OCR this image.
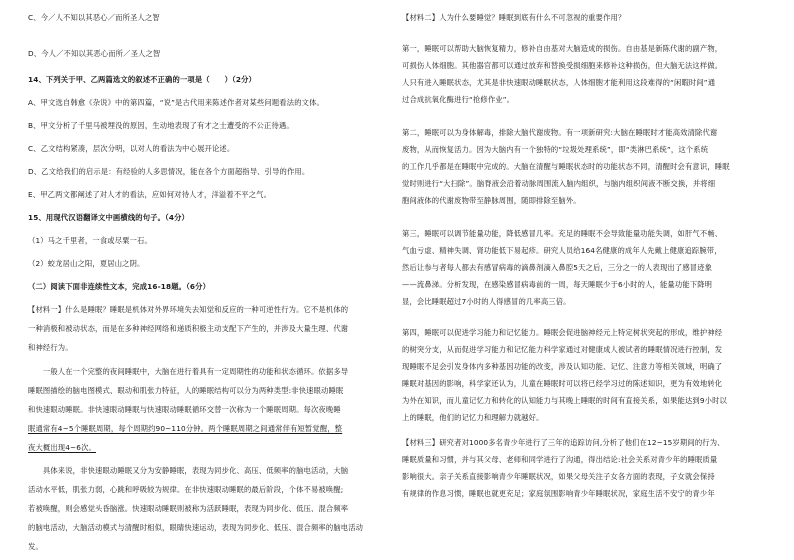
C、今／人不知以其恶心／而所圣人之智
D、今人／不知以其恶心而所／圣人之智
14、下列关于甲、乙两篇选文的叙述不正确的一项是（　　）（2分）
A、甲文选自韩愈《杂说》中的第四篇，“说”是古代用来陈述作者对某些问题看法的文体。
B、甲文分析了千里马被埋没的原因，生动地表现了有才之士遭受的不公正待遇。
C、乙文结构紧凑，层次分明，以对人的看法为中心展开论述。
D、乙文给我们的启示是：有经验的人多思情况，能在各个方面超指导、引导的作用。
E、甲乙两文都阐述了对人才的看法，应如何对待人才，洋溢着不平之气。
15、用现代汉语翻译文中画横线的句子。（4分）
（1）马之千里者，一食或尽粟一石。
（2）蛟龙居山之阳，夏居山之阴。
（二）阅读下面非连续性文本，完成16-18题。（6分）
【材料一】什么是睡眠？睡眠是机体对外界环境失去知觉和反应的一种可逆性行为。它不是机体的
一种消极和被动状态，而是在多种神经网络和递质积极主动支配下产生的，并涉及大量生理、代谢
和神经行为。
　　一般人在一个完整的夜间睡眠中，大脑在进行着具有一定周期性的功能和状态循环。依据多导
睡眠图描绘的脑电图模式、眼动和肌张力特征，人的睡眠结构可以分为两种类型:非快速眼动睡眠
和快速眼动睡眠。非快速眼动睡眠与快速眼动睡眠循环交替一次称为一个睡眠周期。每次夜晚睡
眠通常有4~5个睡眠周期，每个周期约90~110分钟。两个睡眠周期之间通常伴有短暂觉醒，整
夜大概出现4~6次。
　　具体来说，非快速眼动睡眠又分为安静睡眠，表现为同步化、高压、低频率的脑电活动，大脑
活动水平低，肌张力弱，心跳和呼吸较为规律。在非快速眼动睡眠的最后阶段，个体不易被唤醒;
若被唤醒，则会感觉头昏脑涨。快速眼动睡眠则被称为活跃睡眠，表现为同步化、低压、混合频率
的脑电活动，大脑活动模式与清醒时相似，眼睛快速运动，表现为同步化、低压、混合频率的脑电活动
发。
【材料二】人为什么要睡觉？睡眠到底有什么不可忽视的重要作用？
第一，睡眠可以帮助大脑恢复精力，修补自由基对大脑造成的损伤。自由基是新陈代谢的副产物，
可损伤人体细胞。其他器官都可以通过放弃和替换受损细胞来修补这种损伤，但大脑无法这样做。
人只有进入睡眠状态，尤其是非快速眼动睡眠状态，人体细胞才能利用这段难得的“闲暇时间”通
过合成抗氧化酶进行“抢修作业”。
第二，睡眠可以为身体解毒，排除大脑代谢废物。有一项新研究:大脑在睡眠时才能高效清除代谢
废物，从而恢复活力。因为大脑内有一个独特的“垃圾处理系统”，即“类淋巴系统”，这个系统
的工作几乎都是在睡眠中完成的。大脑在清醒与睡眠状态时的功能状态不同，清醒时会有意识，睡眠
觉时则进行“大扫除”。脑脊液会沿着动脉周围流入脑内组织，与脑内组织间液不断交换，并将细
胞间液体的代谢废物带至静脉周围，随即排除至脑外。
第三，睡眠可以调节能量功能，降低感冒几率。充足的睡眠不会导致能量功能失调，如肝气不畅、
气血亏虚、精神失调、肾功能低下易起疹。研究人员给164名健康的成年人先戴上健康追踪腕带，
然后让参与者每人都去有感冒病毒的滴鼻剂滴入鼻腔5天之后，三分之一的人表现出了感冒迹象
——流鼻涕。分析发现，在感染感冒病毒前的一周，每天睡眠少于6小时的人，能量功能下降明
显，会比睡眠超过7小时的人得感冒的几率高三倍。
第四，睡眠可以促进学习能力和记忆能力。睡眠会促进脑神经元上特定树状突起的形成，维护神经
的树突分支，从而促进学习能力和记忆能力科学家通过对健康成人被试者的睡眠情况进行控制，发
现睡眠不足会引发身体内多种基因功能的改变，涉及认知功能、记忆、注意力等相关领域，明确了
睡眠对基因的影响，科学家还认为，儿童在睡眠时可以将已经学习过的陈述知识，更为有效地转化
为外在知识，而儿童记忆力和转化的认知能力与其晚上睡眠的时间有直接关系，如果能达到9小时以
上的睡眠，他们的记忆力和理解力就越好。
【材料三】研究者对1000多名青少年进行了三年的追踪访问,分析了他们在12~15岁期间的行为、
睡眠质量和习惯，并与其父母、老师和同学进行了沟通，得出结论:社会关系对青少年的睡眠质量
影响很大。亲子关系直接影响青少年睡眠状况，如果父母关注子女各方面的表现，子女就会保持
有规律的作息习惯，睡眠也就更充足；家庭氛围影响青少年睡眠状况，家庭生活不安宁的青少年
